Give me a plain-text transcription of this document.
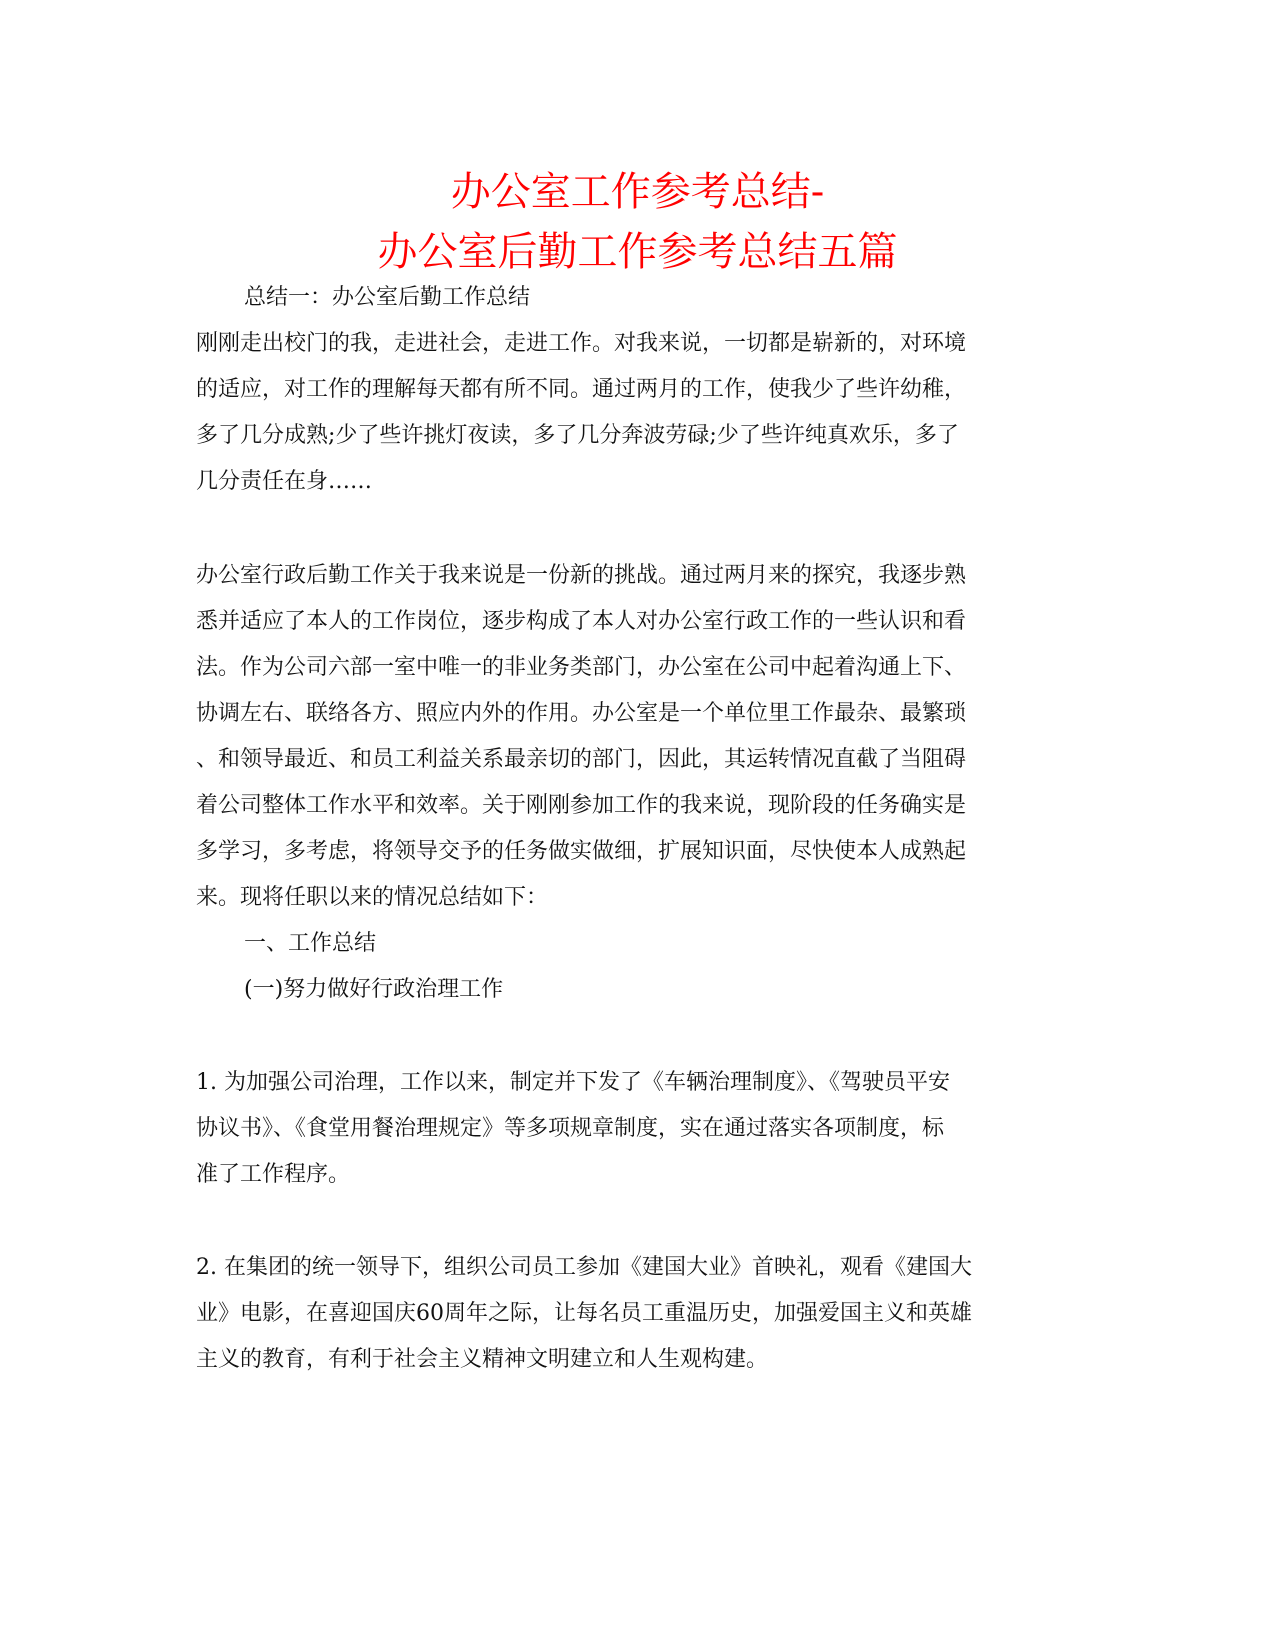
办公室工作参考总结-
办公室后勤工作参考总结五篇
总结一：办公室后勤工作总结
刚刚走出校门的我，走进社会，走进工作。对我来说，一切都是崭新的，对环境
的适应，对工作的理解每天都有所不同。通过两月的工作，使我少了些许幼稚，
多了几分成熟;少了些许挑灯夜读，多了几分奔波劳碌;少了些许纯真欢乐，多了
几分责任在身……
办公室行政后勤工作关于我来说是一份新的挑战。通过两月来的探究，我逐步熟
悉并适应了本人的工作岗位，逐步构成了本人对办公室行政工作的一些认识和看
法。作为公司六部一室中唯一的非业务类部门，办公室在公司中起着沟通上下、
协调左右、联络各方、照应内外的作用。办公室是一个单位里工作最杂、最繁琐
、和领导最近、和员工利益关系最亲切的部门，因此，其运转情况直截了当阻碍
着公司整体工作水平和效率。关于刚刚参加工作的我来说，现阶段的任务确实是
多学习，多考虑，将领导交予的任务做实做细，扩展知识面，尽快使本人成熟起
来。现将任职以来的情况总结如下：
一、工作总结
(一)努力做好行政治理工作
1. 为加强公司治理，工作以来，制定并下发了《车辆治理制度》、《驾驶员平安
协议书》、《食堂用餐治理规定》等多项规章制度，实在通过落实各项制度，标
准了工作程序。
2. 在集团的统一领导下，组织公司员工参加《建国大业》首映礼，观看《建国大
业》电影，在喜迎国庆60周年之际，让每名员工重温历史，加强爱国主义和英雄
主义的教育，有利于社会主义精神文明建立和人生观构建。
